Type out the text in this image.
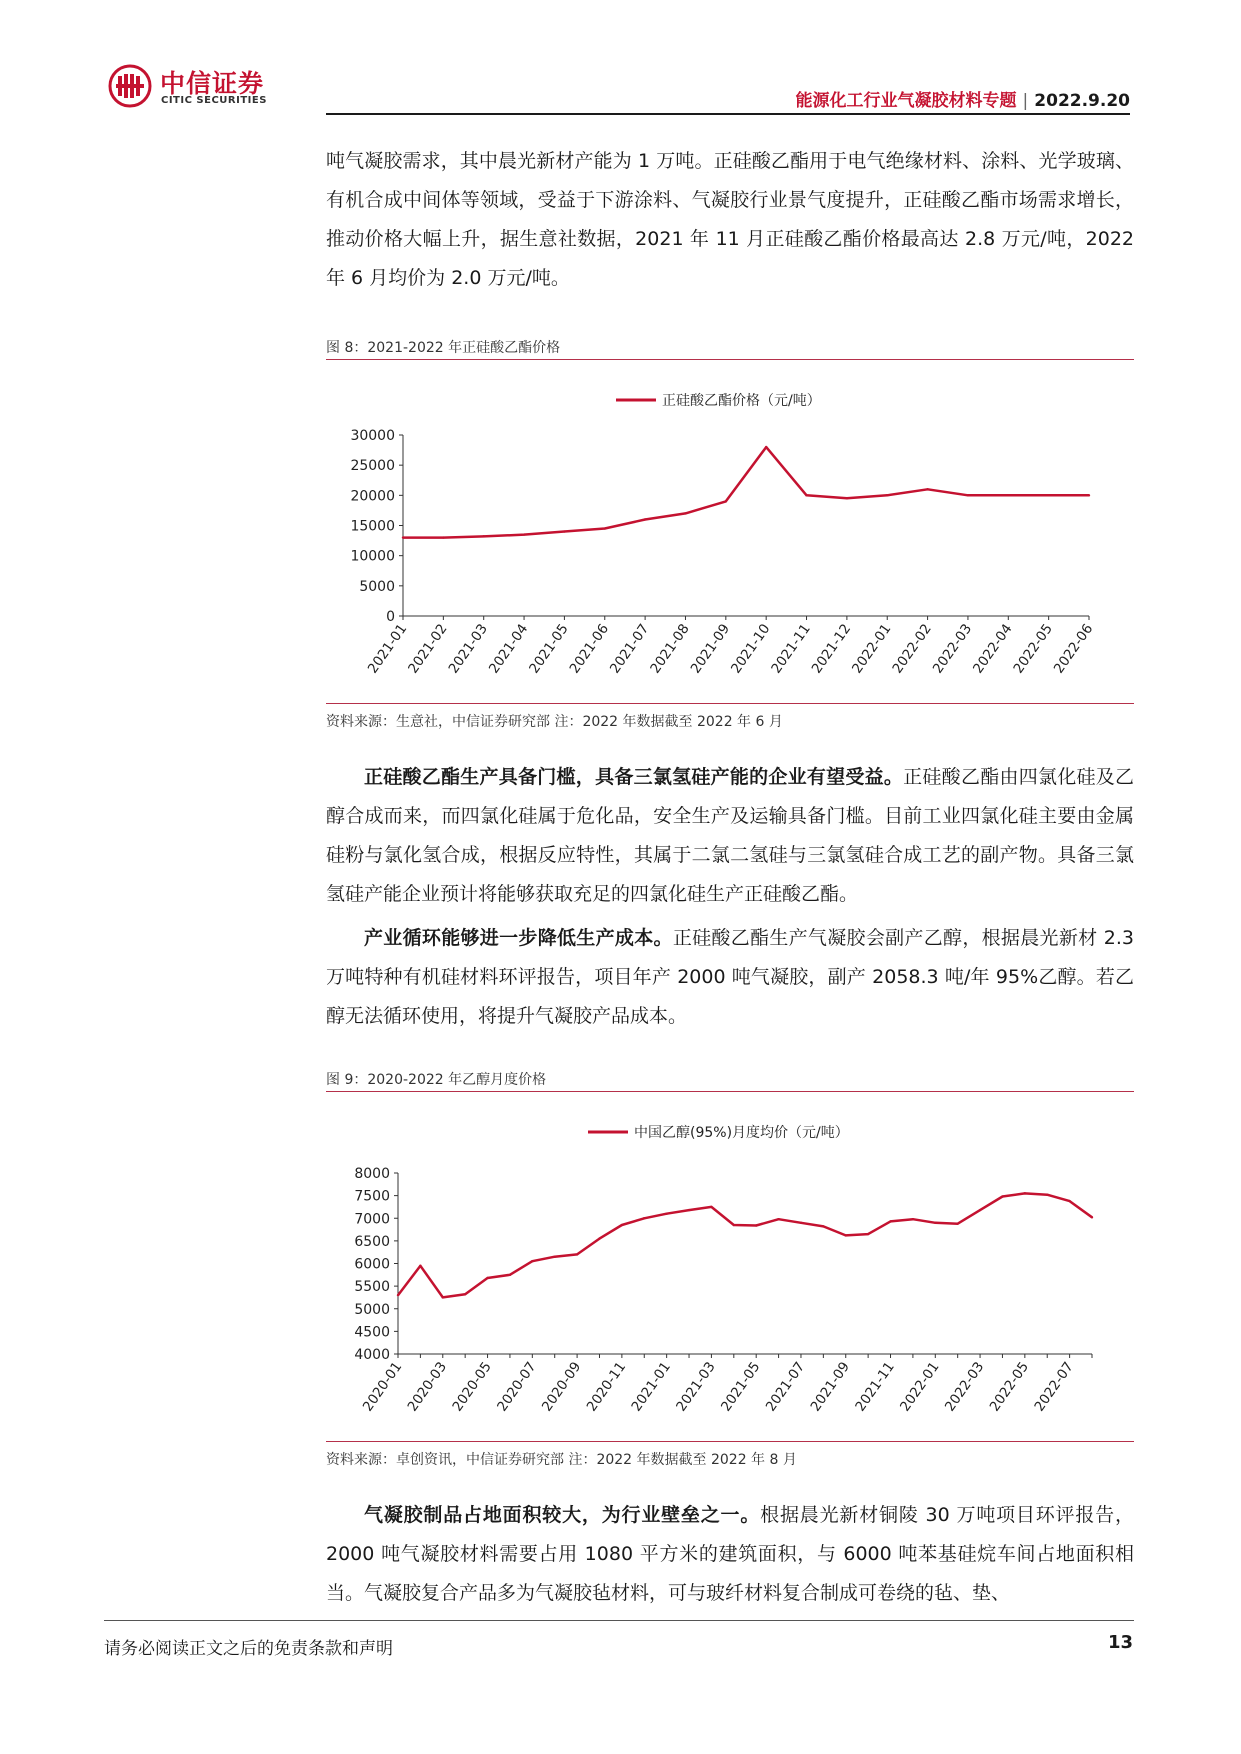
中信证券
CITIC SECURITIES	能源化工行业气凝胶材料专题 | 2022.9.20
吨气凝胶需求，其中晨光新材产能为 1 万吨。正硅酸乙酯用于电气绝缘材料、涂料、光学玻璃、有机合成中间体等领域，受益于下游涂料、气凝胶行业景气度提升，正硅酸乙酯市场需求增长，推动价格大幅上升，据生意社数据，2021 年 11 月正硅酸乙酯价格最高达 2.8 万元/吨，2022 年 6 月均价为 2.0 万元/吨。
图 8：2021-2022 年正硅酸乙酯价格
正硅酸乙酯价格（元/吨）
0
5000
10000
15000
20000
25000
30000
2021-01
2021-02
2021-03
2021-04
2021-05
2021-06
2021-07
2021-08
2021-09
2021-10
2021-11
2021-12
2022-01
2022-02
2022-03
2022-04
2022-05
2022-06
资料来源：生意社，中信证券研究部 注：2022 年数据截至 2022 年 6 月
正硅酸乙酯生产具备门槛，具备三氯氢硅产能的企业有望受益。正硅酸乙酯由四氯化硅及乙醇合成而来，而四氯化硅属于危化品，安全生产及运输具备门槛。目前工业四氯化硅主要由金属硅粉与氯化氢合成，根据反应特性，其属于二氯二氢硅与三氯氢硅合成工艺的副产物。具备三氯氢硅产能企业预计将能够获取充足的四氯化硅生产正硅酸乙酯。
产业循环能够进一步降低生产成本。正硅酸乙酯生产气凝胶会副产乙醇，根据晨光新材 2.3 万吨特种有机硅材料环评报告，项目年产 2000 吨气凝胶，副产 2058.3 吨/年 95%乙醇。若乙醇无法循环使用，将提升气凝胶产品成本。
图 9：2020-2022 年乙醇月度价格
中国乙醇(95%)月度均价（元/吨）
4000
4500
5000
5500
6000
6500
7000
7500
8000
2020-01 2020-03 2020-05 2020-07 2020-09 2020-11 2021-01 2021-03 2021-05 2021-07 2021-09 2021-11 2022-01 2022-03 2022-05 2022-07
资料来源：卓创资讯，中信证券研究部 注：2022 年数据截至 2022 年 8 月
气凝胶制品占地面积较大，为行业壁垒之一。根据晨光新材铜陵 30 万吨项目环评报告，2000 吨气凝胶材料需要占用 1080 平方米的建筑面积，与 6000 吨苯基硅烷车间占地面积相当。气凝胶复合产品多为气凝胶毡材料，可与玻纤材料复合制成可卷绕的毡、垫、
请务必阅读正文之后的免责条款和声明	13
